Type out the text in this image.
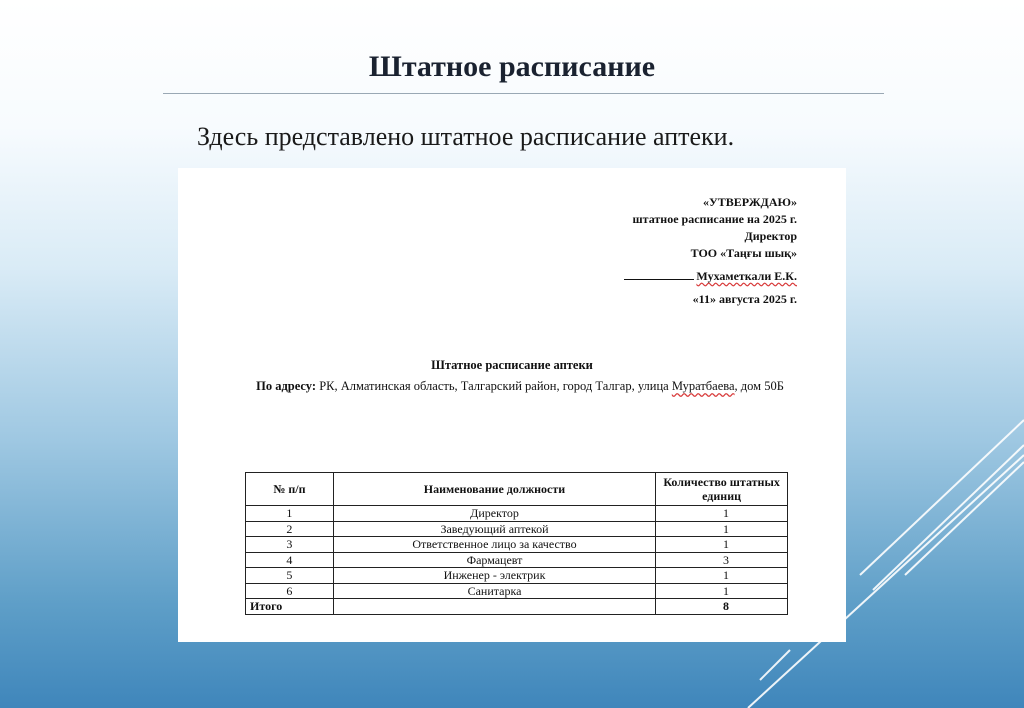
Штатное расписание
Здесь представлено штатное расписание аптеки.
«УТВЕРЖДАЮ»
штатное расписание на 2025 г.
Директор
ТОО «Таңғы шық»
Мухаметкали Е.К.
«11» августа 2025 г.
Штатное расписание аптеки
По адресу: РК, Алматинская область, Талгарский район, город Талгар, улица Муратбаева, дом 50Б
№ п/п	Наименование должности	Количество штатных единиц
1	Директор	1
2	Заведующий аптекой	1
3	Ответственное лицо за качество	1
4	Фармацевт	3
5	Инженер - электрик	1
6	Санитарка	1
Итого		8
